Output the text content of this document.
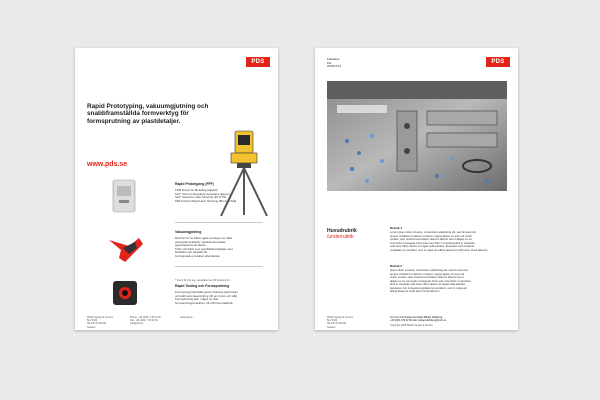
PDS
Rapid Prototyping, vakuumgjutning och snabbframställda formverktyg för formsprutning av plastdetaljer.
www.pds.se
Rapid Prototyping (FFF)
FDM Fused Jet Modeling (Akrylat)
SLA* Stereo Lithography Apparatus (Epoxy)
SLS* Selective Laser Sintering (PA & PS)
DMLS Direct Metal Laser Sintering (Brons & Stål)
Vakuumgjutning
Med former av silikon gjuts prototyper av olika
polyuretan-kvaliteter. Gjutade termoplast-
egenskaperna simuleras.
Kulör och finish som specifikation/detaljer med
flexibilitet och ytkvalitet till
formsprutade produkter eftersträvas.
* SLA & SLS är reg. varumärken av 3D Systems Inc.
Rapid Tooling och Formsprutning
Formverktyg framställs genom fräsning (aluminium
och stål) samt lasersintring (30 μm brons och stål).
Formsprutning sker i något av våra
formsprutningsmaskiner, 25–150 tons fästkraft.
Plastic Design & Service
Box 5036
SE-433 30 Partille
Sweden
Phone  +46 (0)31-7 36 02 00
Fax  +46 (0)31-7 36 02 60
info@pds.se
www.pds.se
Faktablad
#11
2008/12/13
PDS
Huvudrubrik
/underrubrik
Rubrik 1
Lorem ipsum dolor sit amet, consectetur adipisicing elit, sed do eiusmod
tempor incididunt ut labore et dolore magna aliqua. Ut enim ad minim
veniam, quis nostrud exercitation ullamco laboris nisi ut aliquip ex ea
commodo consequat. Duis aute irure dolor in reprehenderit in voluptate
velit esse cillum dolore eu fugiat nulla pariatur. Excepteur sint occaecat
cupidatat non proident, sunt in culpa qui officia deserunt mollit anim id est laborum.
Rubrik 2
Ipsum dolor sit amet, consectetur adipisicing elit, sed do eiusmod
tempor incididunt ut labore et dolore magna aliqua. Ut enim ad
minim veniam, quis nostrud exercitation ullamco laboris nisi ut
aliquip ex ea commodo consequat. Duis aute irure dolor in reprehen-
derit in voluptate velit esse cillum dolore eu fugiat nulla pariatur.
Excepteur sint occaecat cupidatat non proident, sunt in culpa qui
officia deserunt mollit anim id est laborum.
Plastic Design & Service
Box 5036
SE-433 30 Partille
Sweden
För mer information kontakta Mikael Dahlberg
+46 (0)31-736 02 06 eller mikael.dahlberg@pds.se
Copyright 2008 Plastic Design & Service
